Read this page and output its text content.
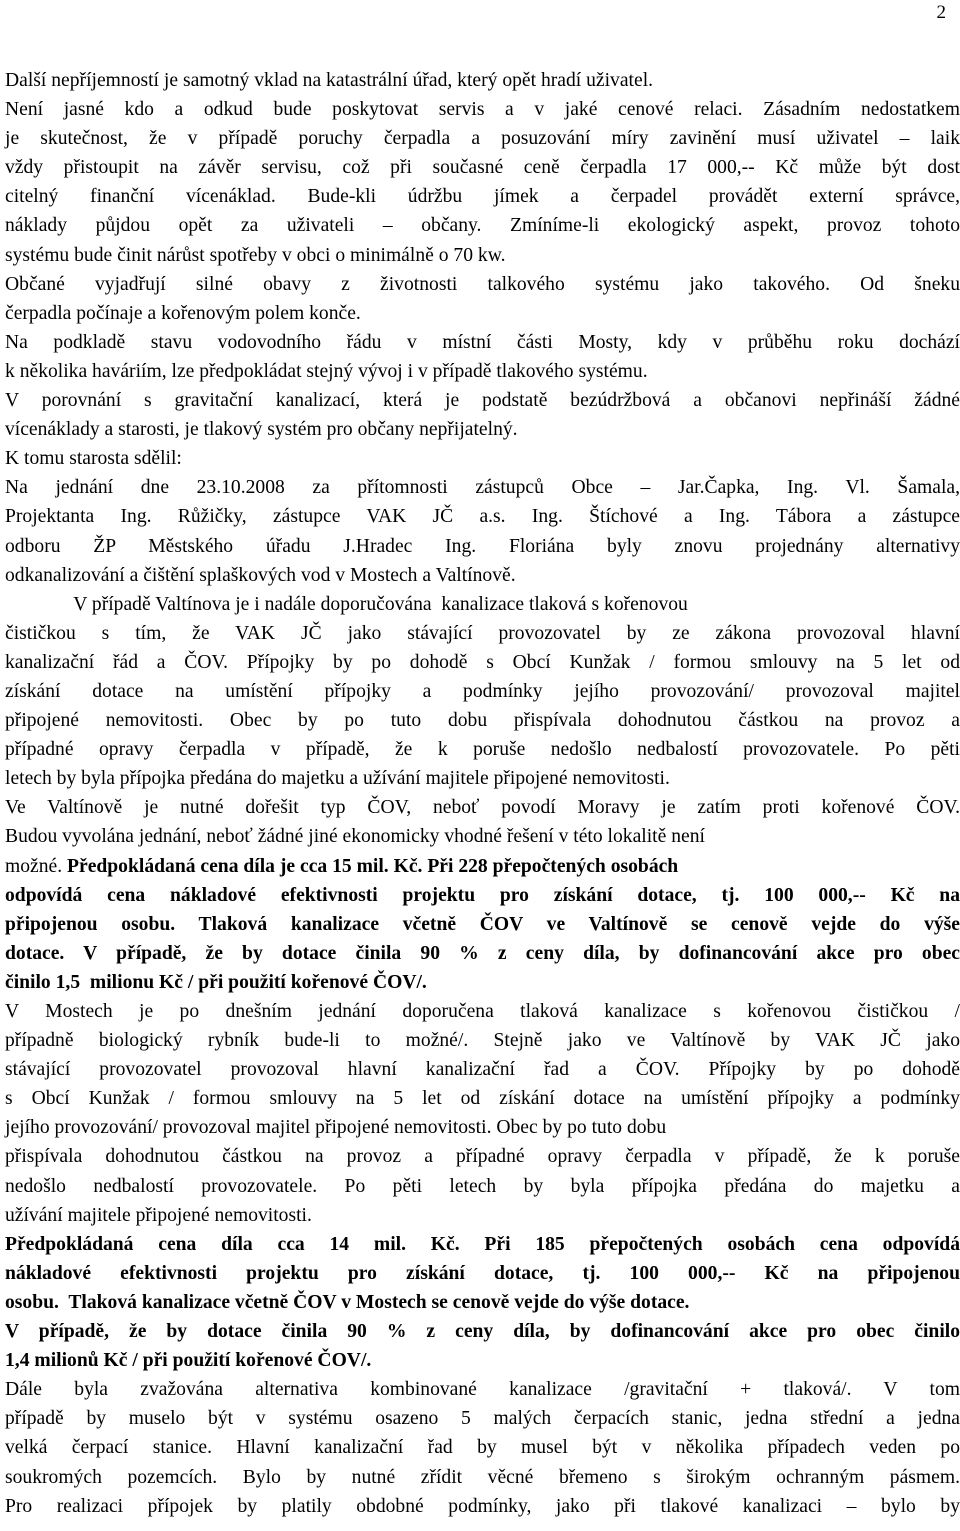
2
Další nepříjemností je samotný vklad na katastrální úřad, který opět hradí uživatel.
Není jasné kdo a odkud bude poskytovat servis a v jaké cenové relaci. Zásadním nedostatkem
je skutečnost, že v případě poruchy čerpadla a posuzování míry zavinění musí uživatel – laik
vždy přistoupit na závěr servisu, což při současné ceně čerpadla 17 000,-- Kč může být dost
citelný finanční vícenáklad. Bude-kli údržbu jímek a čerpadel provádět externí správce,
náklady půjdou opět za uživateli – občany. Zmíníme-li ekologický aspekt, provoz tohoto
systému bude činit nárůst spotřeby v obci o minimálně o 70 kw.
Občané vyjadřují silné obavy z životnosti talkového systému jako takového. Od šneku
čerpadla počínaje a kořenovým polem konče.
Na podkladě stavu vodovodního řádu v místní části Mosty, kdy v průběhu roku dochází
k několika haváriím, lze předpokládat stejný vývoj i v případě tlakového systému.
V porovnání s gravitační kanalizací, která je podstatě bezúdržbová a občanovi nepřináší žádné
vícenáklady a starosti, je tlakový systém pro občany nepřijatelný.
K tomu starosta sdělil:
Na jednání dne 23.10.2008 za přítomnosti zástupců Obce – Jar.Čapka, Ing. Vl. Šamala,
Projektanta Ing. Růžičky, zástupce VAK JČ a.s. Ing. Štíchové a Ing. Tábora a zástupce
odboru ŽP Městského úřadu J.Hradec Ing. Floriána byly znovu projednány alternativy
odkanalizování a čištění splaškových vod v Mostech a Valtínově.
V případě Valtínova je i nadále doporučována  kanalizace tlaková s kořenovou
čističkou s tím, že VAK JČ jako stávající provozovatel by ze zákona provozoval hlavní
kanalizační řád a ČOV. Přípojky by po dohodě s Obcí Kunžak / formou smlouvy na 5 let od
získání dotace na umístění přípojky a podmínky jejího provozování/ provozoval majitel
připojené nemovitosti. Obec by po tuto dobu přispívala dohodnutou částkou na provoz a
případné opravy čerpadla v případě, že k poruše nedošlo nedbalostí provozovatele. Po pěti
letech by byla přípojka předána do majetku a užívání majitele připojené nemovitosti.
Ve Valtínově je nutné dořešit typ ČOV, neboť povodí Moravy je zatím proti kořenové ČOV.
Budou vyvolána jednání, neboť žádné jiné ekonomicky vhodné řešení v této lokalitě není
možné. Předpokládaná cena díla je cca 15 mil. Kč. Při 228 přepočtených osobách
odpovídá cena nákladové efektivnosti projektu pro získání dotace, tj. 100 000,-- Kč na
připojenou osobu. Tlaková kanalizace včetně ČOV ve Valtínově se cenově vejde do výše
dotace. V případě, že by dotace činila 90 % z ceny díla, by dofinancování akce pro obec
činilo 1,5  milionu Kč / při použití kořenové ČOV/.
V Mostech je po dnešním jednání doporučena tlaková kanalizace s kořenovou čističkou /
případně biologický rybník bude-li to možné/. Stejně jako ve Valtínově by VAK JČ jako
stávající provozovatel provozoval hlavní kanalizační řad a ČOV. Přípojky by po dohodě
s Obcí Kunžak / formou smlouvy na 5 let od získání dotace na umístění přípojky a podmínky
jejího provozování/ provozoval majitel připojené nemovitosti. Obec by po tuto dobu
přispívala dohodnutou částkou na provoz a případné opravy čerpadla v případě, že k poruše
nedošlo nedbalostí provozovatele. Po pěti letech by byla přípojka předána do majetku a
užívání majitele připojené nemovitosti.
Předpokládaná cena díla cca 14 mil. Kč. Při 185 přepočtených osobách cena odpovídá
nákladové efektivnosti projektu pro získání dotace, tj. 100 000,-- Kč na připojenou
osobu.  Tlaková kanalizace včetně ČOV v Mostech se cenově vejde do výše dotace.
V případě, že by dotace činila 90 % z ceny díla, by dofinancování akce pro obec činilo
1,4 milionů Kč / při použití kořenové ČOV/.
Dále byla zvažována alternativa kombinované kanalizace /gravitační + tlaková/. V tom
případě by muselo být v systému osazeno 5 malých čerpacích stanic, jedna střední a jedna
velká čerpací stanice. Hlavní kanalizační řad by musel být v několika případech veden po
soukromých pozemcích. Bylo by nutné zřídit věcné břemeno s širokým ochranným pásmem.
Pro realizaci přípojek by platily obdobné podmínky, jako při tlakové kanalizaci – bylo by
